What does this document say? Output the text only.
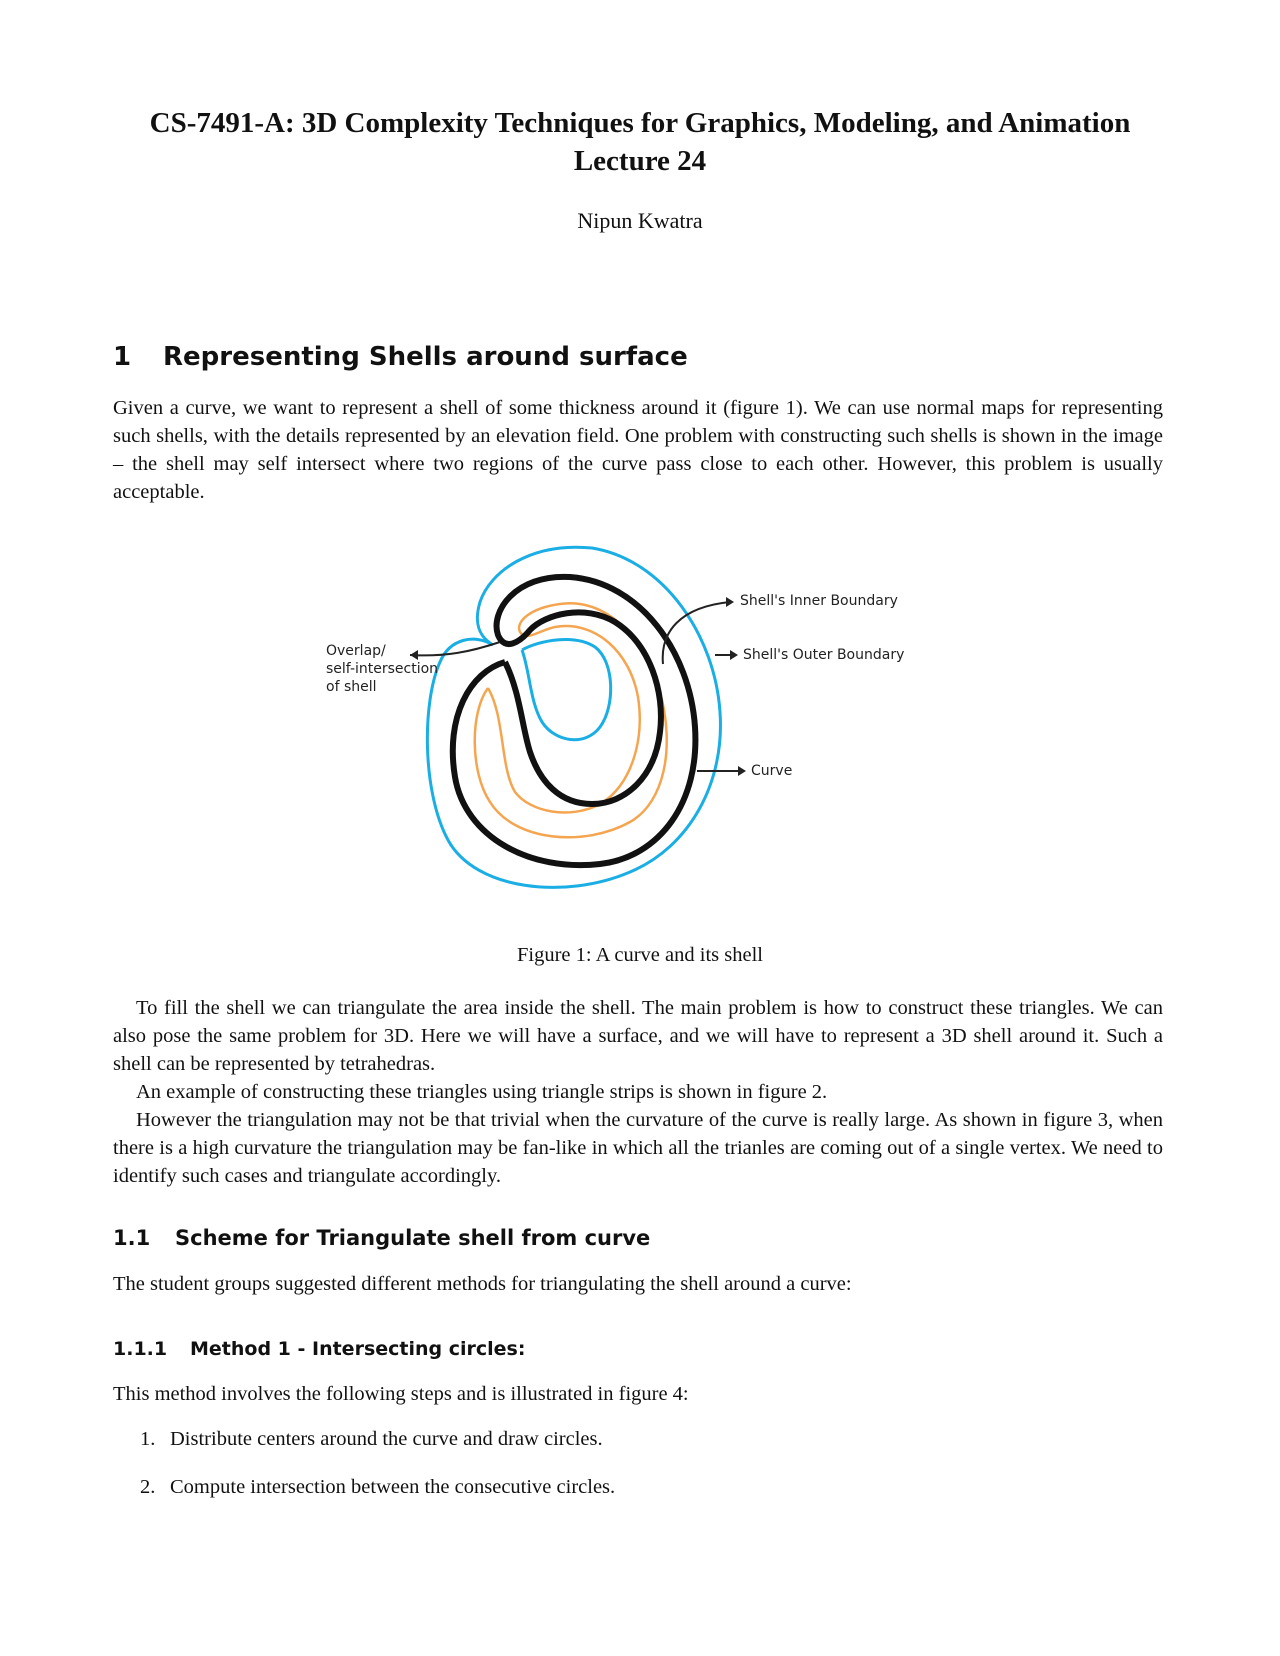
CS-7491-A: 3D Complexity Techniques for Graphics, Modeling, and Animation
Lecture 24
Nipun Kwatra
1 Representing Shells around surface

Given a curve, we want to represent a shell of some thickness around it (figure 1). We can use normal maps for representing such shells, with the details represented by an elevation field. One problem with constructing such shells is shown in the image – the shell may self intersect where two regions of the curve pass close to each other. However, this problem is usually acceptable.

Overlap/
self-intersection
of shell
Shell's Inner Boundary
Shell's Outer Boundary
Curve
Figure 1: A curve and its shell

To fill the shell we can triangulate the area inside the shell. The main problem is how to construct these triangles. We can also pose the same problem for 3D. Here we will have a surface, and we will have to represent a 3D shell around it. Such a shell can be represented by tetrahedras.

An example of constructing these triangles using triangle strips is shown in figure 2.

However the triangulation may not be that trivial when the curvature of the curve is really large. As shown in figure 3, when there is a high curvature the triangulation may be fan-like in which all the trianles are coming out of a single vertex. We need to identify such cases and triangulate accordingly.

1.1 Scheme for Triangulate shell from curve

The student groups suggested different methods for triangulating the shell around a curve:

1.1.1 Method 1 - Intersecting circles:

This method involves the following steps and is illustrated in figure 4:

1. Distribute centers around the curve and draw circles.
2. Compute intersection between the consecutive circles.
